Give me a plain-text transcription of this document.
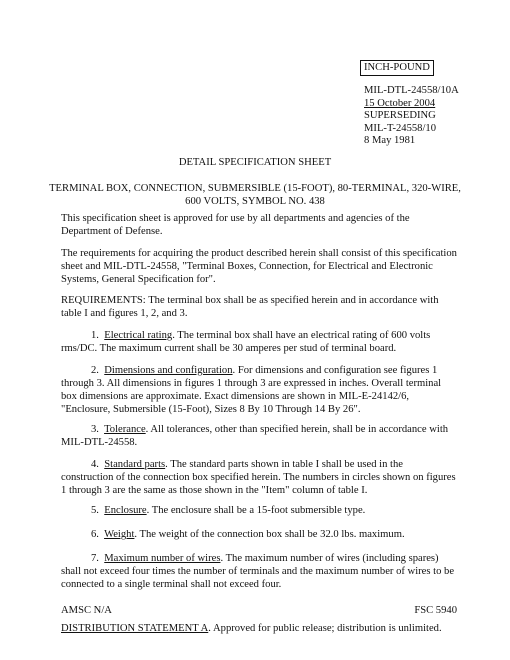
INCH-POUND
MIL-DTL-24558/10A
15 October 2004
SUPERSEDING
MIL-T-24558/10
8 May 1981
DETAIL SPECIFICATION SHEET
TERMINAL BOX, CONNECTION, SUBMERSIBLE (15-FOOT), 80-TERMINAL, 320-WIRE,
600 VOLTS, SYMBOL NO. 438

This specification sheet is approved for use by all departments and agencies of the Department of Defense.

The requirements for acquiring the product described herein shall consist of this specification sheet and MIL-DTL-24558, "Terminal Boxes, Connection, for Electrical and Electronic Systems, General Specification for".

REQUIREMENTS: The terminal box shall be as specified herein and in accordance with table I and figures 1, 2, and 3.

1. Electrical rating. The terminal box shall have an electrical rating of 600 volts rms/DC. The maximum current shall be 30 amperes per stud of terminal board.

2. Dimensions and configuration. For dimensions and configuration see figures 1 through 3. All dimensions in figures 1 through 3 are expressed in inches. Overall terminal box dimensions are approximate. Exact dimensions are shown in MIL-E-24142/6, "Enclosure, Submersible (15-Foot), Sizes 8 By 10 Through 14 By 26".

3. Tolerance. All tolerances, other than specified herein, shall be in accordance with MIL-DTL-24558.

4. Standard parts. The standard parts shown in table I shall be used in the construction of the connection box specified herein. The numbers in circles shown on figures 1 through 3 are the same as those shown in the "Item" column of table I.

5. Enclosure. The enclosure shall be a 15-foot submersible type.

6. Weight. The weight of the connection box shall be 32.0 lbs. maximum.

7. Maximum number of wires. The maximum number of wires (including spares) shall not exceed four times the number of terminals and the maximum number of wires to be connected to a single terminal shall not exceed four.

AMSC N/A	FSC 5940

DISTRIBUTION STATEMENT A. Approved for public release; distribution is unlimited.
